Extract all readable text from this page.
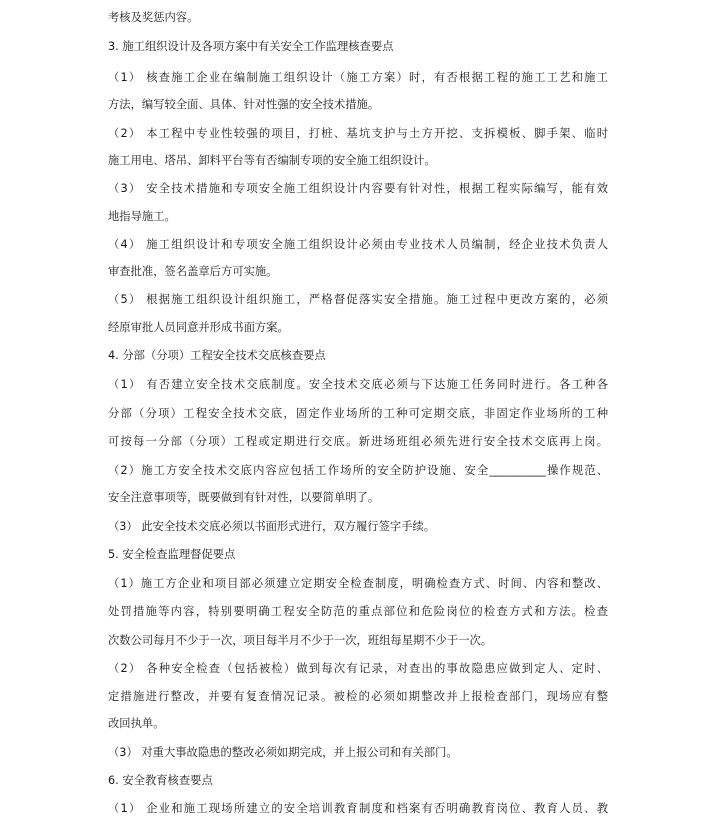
考核及奖惩内容。
3. 施工组织设计及各项方案中有关安全工作监理核查要点
（1） 核查施工企业在编制施工组织设计（施工方案）时，有否根据工程的施工工艺和施工
方法，编写较全面、具体、针对性强的安全技术措施。
（2） 本工程中专业性较强的项目，打桩、基坑支护与土方开挖、支拆模板、脚手架、临时
施工用电、塔吊、卸料平台等有否编制专项的安全施工组织设计。
（3） 安全技术措施和专项安全施工组织设计内容要有针对性，根据工程实际编写，能有效
地指导施工。
（4） 施工组织设计和专项安全施工组织设计必须由专业技术人员编制，经企业技术负责人
审查批准，签名盖章后方可实施。
（5） 根据施工组织设计组织施工，严格督促落实安全措施。施工过程中更改方案的，必须
经原审批人员同意并形成书面方案。
4. 分部（分项）工程安全技术交底核查要点
（1） 有否建立安全技术交底制度。安全技术交底必须与下达施工任务同时进行。各工种各
分部（分项）工程安全技术交底，固定作业场所的工种可定期交底，非固定作业场所的工种
可按每一分部（分项）工程或定期进行交底。新进场班组必须先进行安全技术交底再上岗。
（2）施工方安全技术交底内容应包括工作场所的安全防护设施、安全__________操作规范、
安全注意事项等，既要做到有针对性，以要简单明了。
（3） 此安全技术交底必须以书面形式进行，双方履行签字手续。
5. 安全检查监理督促要点
（1）施工方企业和项目部必须建立定期安全检查制度，明确检查方式、时间、内容和整改、
处罚措施等内容，特别要明确工程安全防范的重点部位和危险岗位的检查方式和方法。检查
次数公司每月不少于一次，项目每半月不少于一次，班组每星期不少于一次。
（2） 各种安全检查（包括被检）做到每次有记录，对查出的事故隐患应做到定人、定时、
定措施进行整改，并要有复查情况记录。被检的必须如期整改并上报检查部门，现场应有整
改回执单。
（3） 对重大事故隐患的整改必须如期完成，并上报公司和有关部门。
6. 安全教育核查要点
（1） 企业和施工现场所建立的安全培训教育制度和档案有否明确教育岗位、教育人员、教
